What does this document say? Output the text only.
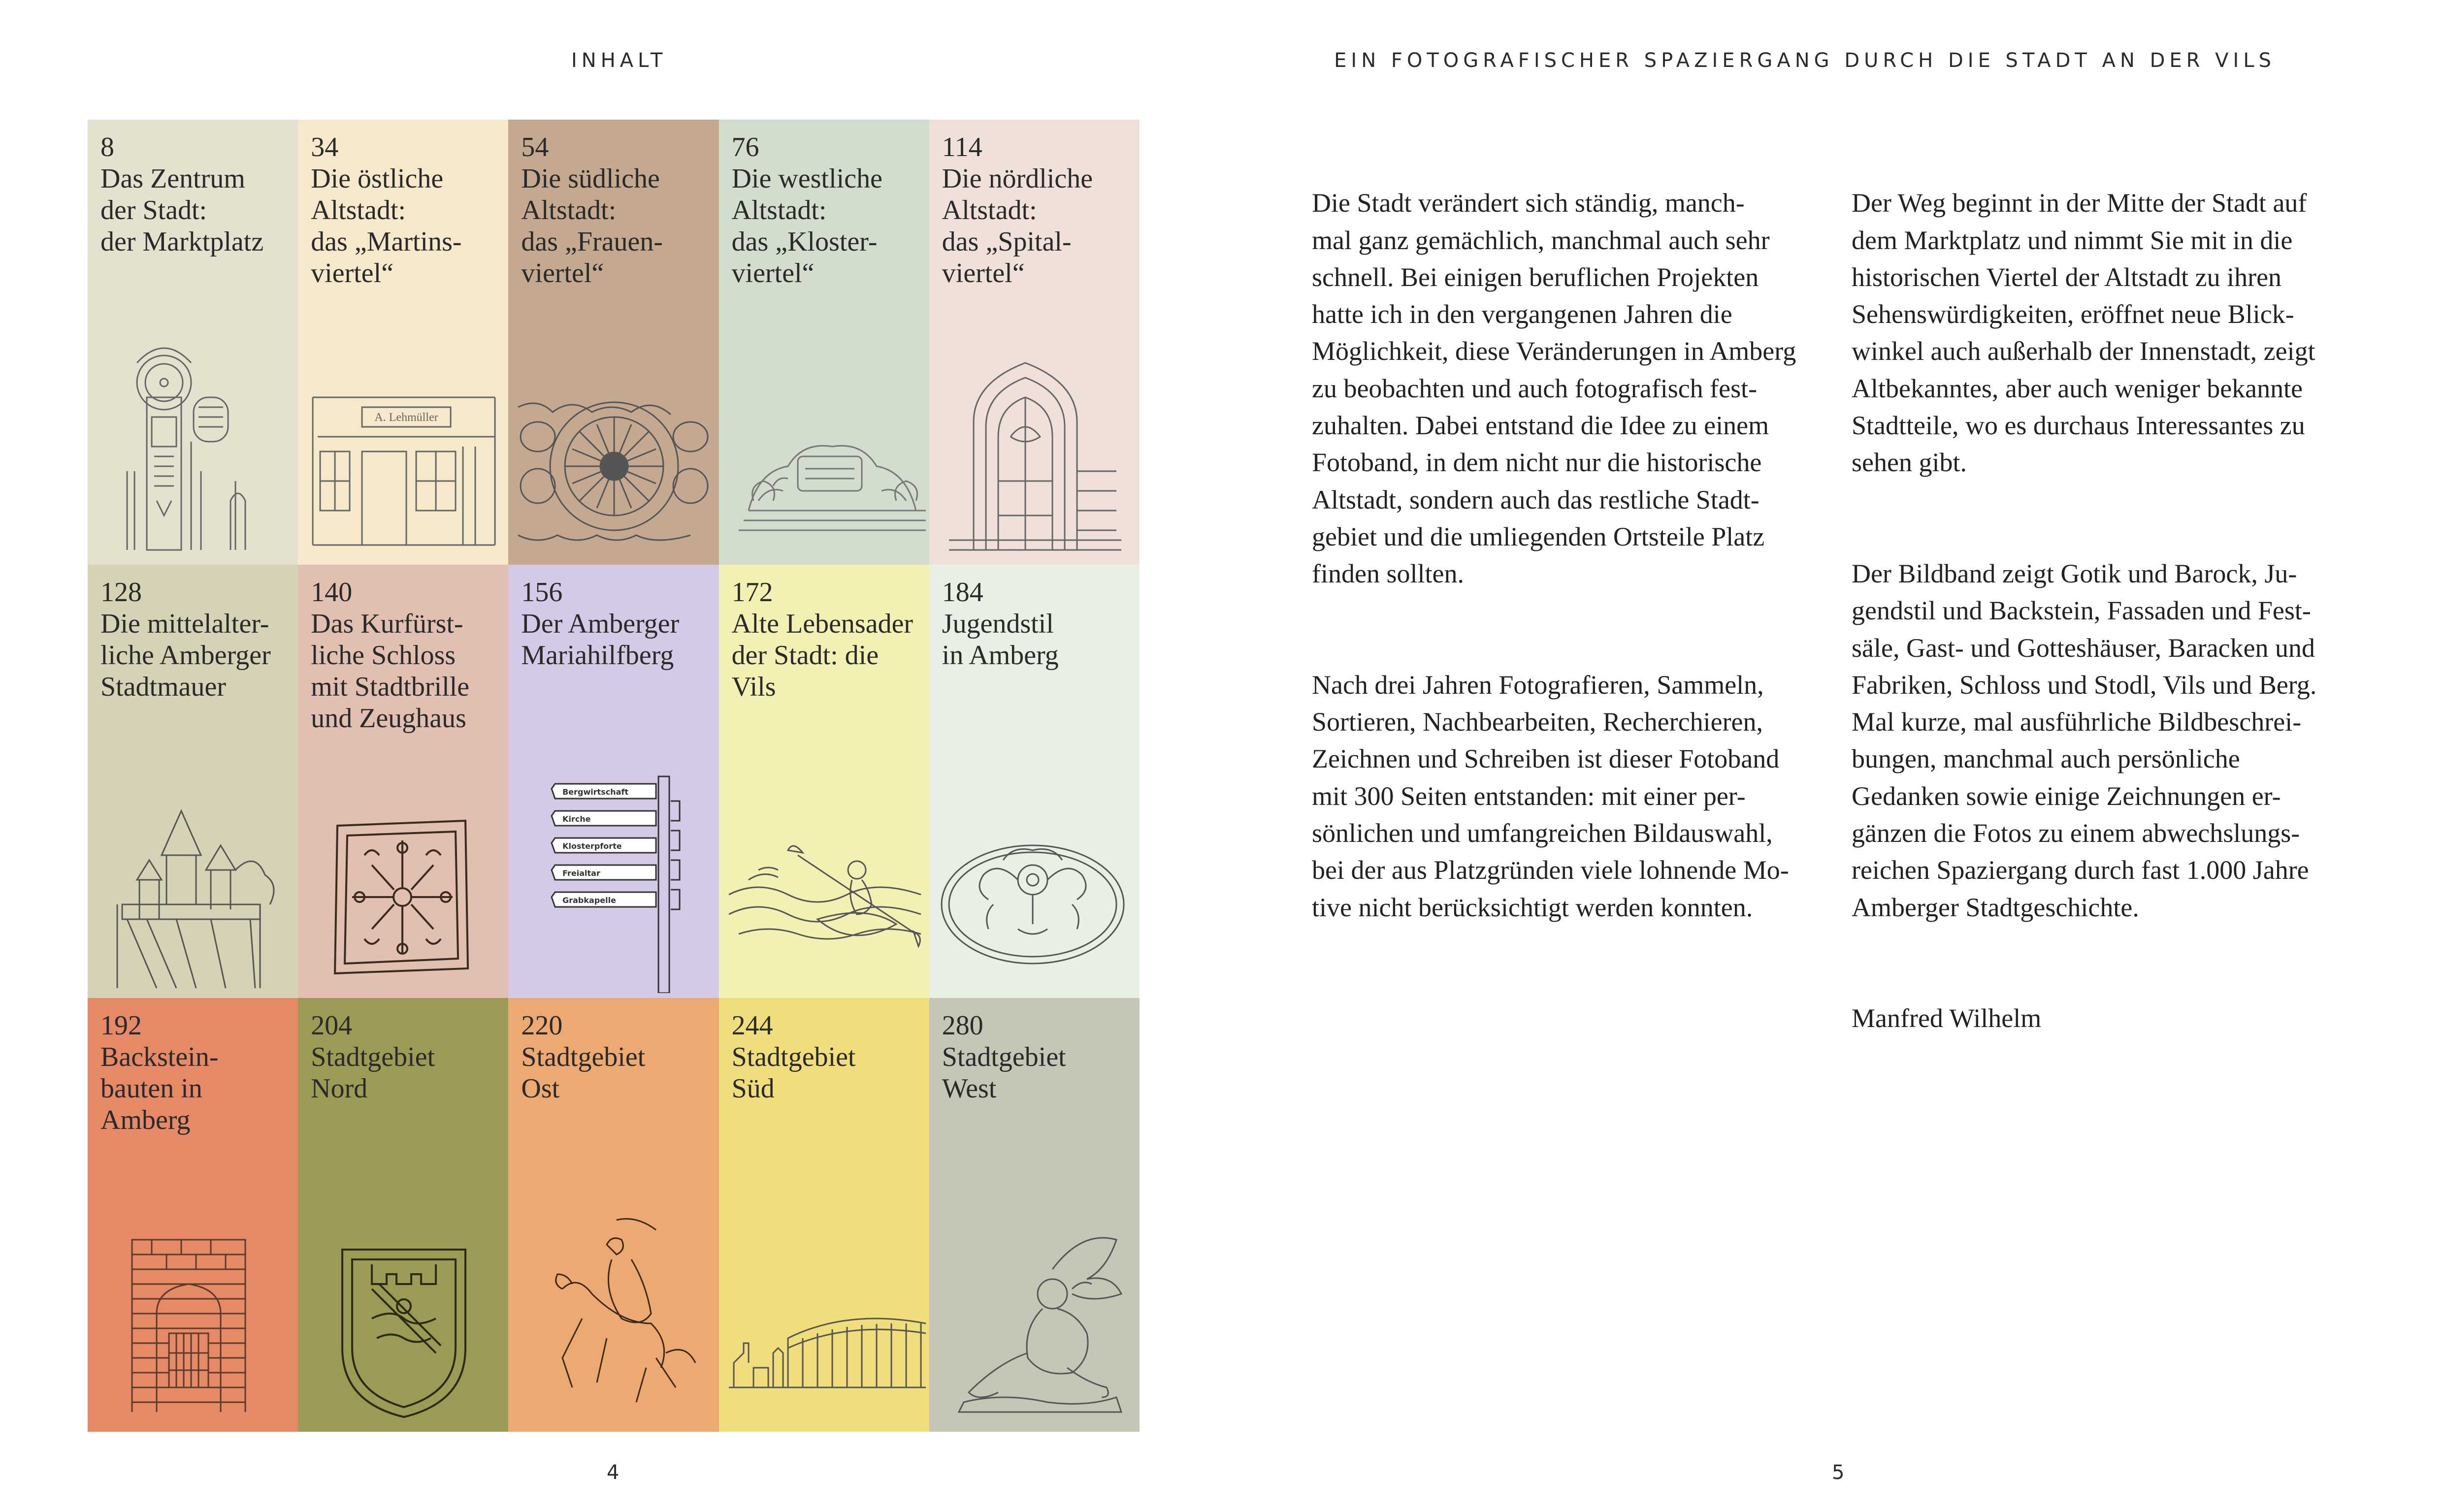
INHALT	EIN FOTOGRAFISCHER SPAZIERGANG DURCH DIE STADT AN DER VILS
8
Das Zentrum
der Stadt:
der Marktplatz
34
Die östliche
Altstadt:
das „Martins-
viertel“
A. Lehmüller
54
Die südliche
Altstadt:
das „Frauen-
viertel“
76
Die westliche
Altstadt:
das „Kloster-
viertel“
114
Die nördliche
Altstadt:
das „Spital-
viertel“
128
Die mittelalter-
liche Amberger
Stadtmauer
140
Das Kurfürst-
liche Schloss
mit Stadtbrille
und Zeughaus
156
Der Amberger
Mariahilfberg
Bergwirtschaft
Kirche
Klosterpforte
Freialtar
Grabkapelle
172
Alte Lebensader
der Stadt: die
Vils
184
Jugendstil
in Amberg
192
Backstein-
bauten in
Amberg
204
Stadtgebiet
Nord
220
Stadtgebiet
Ost
244
Stadtgebiet
Süd
280
Stadtgebiet
West

Die Stadt verändert sich ständig, manch-
mal ganz gemächlich, manchmal auch sehr
schnell. Bei einigen beruflichen Projekten
hatte ich in den vergangenen Jahren die
Möglichkeit, diese Veränderungen in Amberg
zu beobachten und auch fotografisch fest-
zuhalten. Dabei entstand die Idee zu einem
Fotoband, in dem nicht nur die historische
Altstadt, sondern auch das restliche Stadt-
gebiet und die umliegenden Ortsteile Platz
finden sollten.

Nach drei Jahren Fotografieren, Sammeln,
Sortieren, Nachbearbeiten, Recherchieren,
Zeichnen und Schreiben ist dieser Fotoband
mit 300 Seiten entstanden: mit einer per-
sönlichen und umfangreichen Bildauswahl,
bei der aus Platzgründen viele lohnende Mo-
tive nicht berücksichtigt werden konnten.

Der Weg beginnt in der Mitte der Stadt auf
dem Marktplatz und nimmt Sie mit in die
historischen Viertel der Altstadt zu ihren
Sehenswürdigkeiten, eröffnet neue Blick-
winkel auch außerhalb der Innenstadt, zeigt
Altbekanntes, aber auch weniger bekannte
Stadtteile, wo es durchaus Interessantes zu
sehen gibt.

Der Bildband zeigt Gotik und Barock, Ju-
gendstil und Backstein, Fassaden und Fest-
säle, Gast- und Gotteshäuser, Baracken und
Fabriken, Schloss und Stodl, Vils und Berg.
Mal kurze, mal ausführliche Bildbeschrei-
bungen, manchmal auch persönliche
Gedanken sowie einige Zeichnungen er-
gänzen die Fotos zu einem abwechslungs-
reichen Spaziergang durch fast 1.000 Jahre
Amberger Stadtgeschichte.

Manfred Wilhelm

4	5
